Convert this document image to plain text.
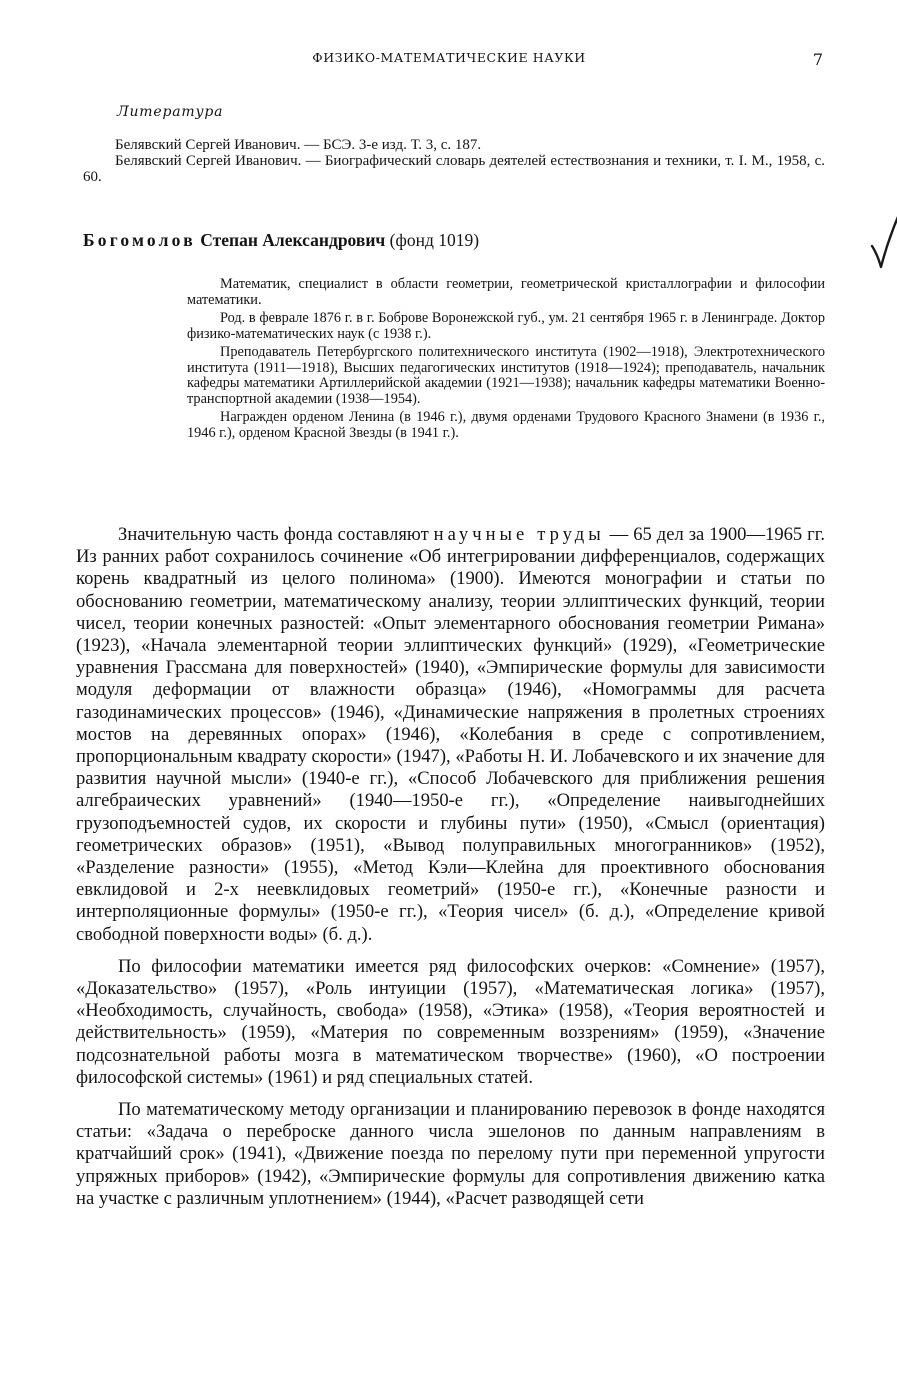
ФИЗИКО-МАТЕМАТИЧЕСКИЕ НАУКИ	7
Литература
Белявский Сергей Иванович. — БСЭ. 3-е изд. Т. 3, с. 187.
Белявский Сергей Иванович. — Биографический словарь деятелей естествознания и техники, т. I. М., 1958, с. 60.
Богомолов Степан Александрович (фонд 1019)

Математик, специалист в области геометрии, геометрической кристаллографии и философии математики.

Род. в феврале 1876 г. в г. Боброве Воронежской губ., ум. 21 сентября 1965 г. в Ленинграде. Доктор физико-математических наук (с 1938 г.).

Преподаватель Петербургского политехнического института (1902—1918), Электротехнического института (1911—1918), Высших педагогических институтов (1918—1924); преподаватель, начальник кафедры математики Артиллерийской академии (1921—1938); начальник кафедры математики Военно-транспортной академии (1938—1954).

Награжден орденом Ленина (в 1946 г.), двумя орденами Трудового Красного Знамени (в 1936 г., 1946 г.), орденом Красной Звезды (в 1941 г.).

Значительную часть фонда составляют научные труды — 65 дел за 1900—1965 гг. Из ранних работ сохранилось сочинение «Об интегрировании дифференциалов, содержащих корень квадратный из целого полинома» (1900). Имеются монографии и статьи по обоснованию геометрии, математическому анализу, теории эллиптических функций, теории чисел, теории конечных разностей: «Опыт элементарного обоснования геометрии Римана» (1923), «Начала элементарной теории эллиптических функций» (1929), «Геометрические уравнения Грассмана для поверхностей» (1940), «Эмпирические формулы для зависимости модуля деформации от влажности образца» (1946), «Номограммы для расчета газодинамических процессов» (1946), «Динамические напряжения в пролетных строениях мостов на деревянных опорах» (1946), «Колебания в среде с сопротивлением, пропорциональным квадрату скорости» (1947), «Работы Н. И. Лобачевского и их значение для развития научной мысли» (1940-е гг.), «Способ Лобачевского для приближения решения алгебраических уравнений» (1940—1950-е гг.), «Определение наивыгоднейших грузоподъемностей судов, их скорости и глубины пути» (1950), «Смысл (ориентация) геометрических образов» (1951), «Вывод полуправильных многогранников» (1952), «Разделение разности» (1955), «Метод Кэли—Клейна для проективного обоснования евклидовой и 2-х неевклидовых геометрий» (1950-е гг.), «Конечные разности и интерполяционные формулы» (1950-е гг.), «Теория чисел» (б. д.), «Определение кривой свободной поверхности воды» (б. д.).

По философии математики имеется ряд философских очерков: «Сомнение» (1957), «Доказательство» (1957), «Роль интуиции (1957), «Математическая логика» (1957), «Необходимость, случайность, свобода» (1958), «Этика» (1958), «Теория вероятностей и действительность» (1959), «Материя по современным воззрениям» (1959), «Значение подсознательной работы мозга в математическом творчестве» (1960), «О построении философской системы» (1961) и ряд специальных статей.

По математическому методу организации и планированию перевозок в фонде находятся статьи: «Задача о переброске данного числа эшелонов по данным направлениям в кратчайший срок» (1941), «Движение поезда по перелому пути при переменной упругости упряжных приборов» (1942), «Эмпирические формулы для сопротивления движению катка на участке с различным уплотнением» (1944), «Расчет разводящей сети
